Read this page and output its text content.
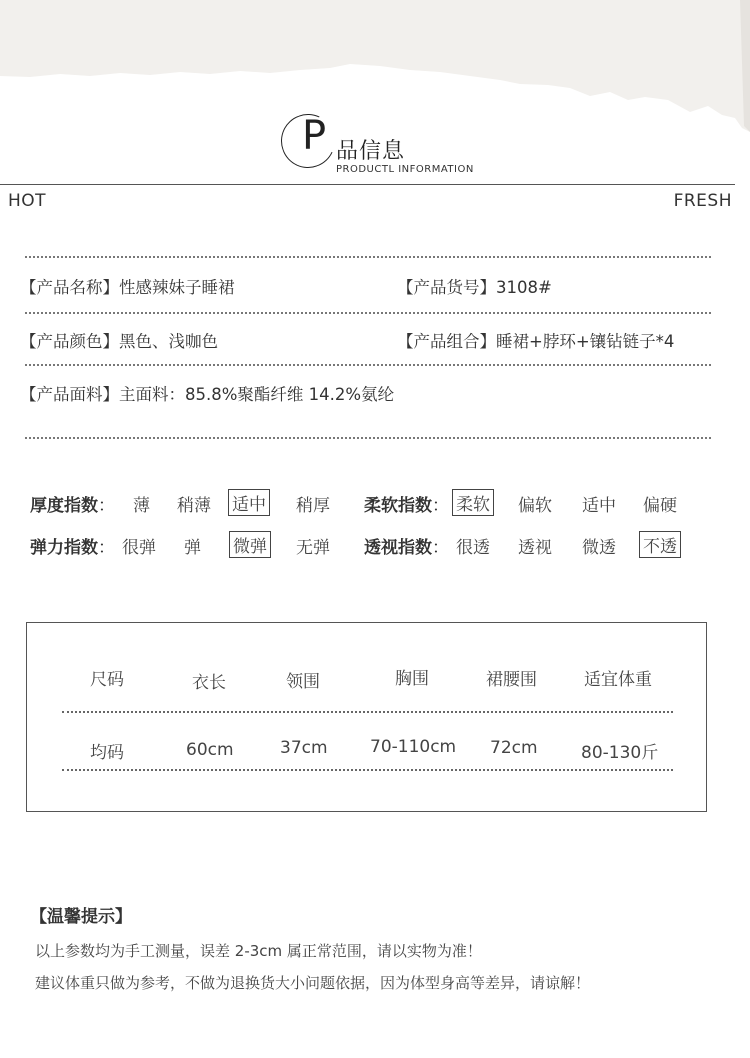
P 品信息
PRODUCTL INFORMATION
HOT	FRESH
【产品名称】性感辣妹子睡裙	【产品货号】3108#
【产品颜色】黑色、浅咖色	【产品组合】睡裙+脖环+镶钻链子*4
【产品面料】主面料：85.8%聚酯纤维 14.2%氨纶
厚度指数： 薄 稍薄 适中 稍厚 柔软指数： 柔软 偏软 适中 偏硬
弹力指数： 很弹 弹 微弹 无弹 透视指数： 很透 透视 微透 不透
尺码	衣长	领围	胸围	裙腰围	适宜体重
均码	60cm	37cm 70-110cm 72cm	80-130斤
【温馨提示】
以上参数均为手工测量，误差 2-3cm 属正常范围，请以实物为准！
建议体重只做为参考，不做为退换货大小问题依据，因为体型身高等差异，请谅解！
